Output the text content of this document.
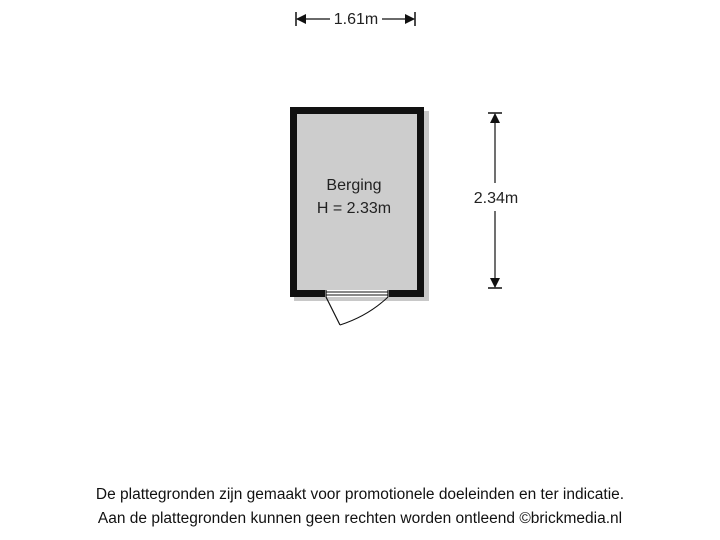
1.61m
2.34m
Berging
H = 2.33m
De plattegronden zijn gemaakt voor promotionele doeleinden en ter indicatie.
Aan de plattegronden kunnen geen rechten worden ontleend ©brickmedia.nl
